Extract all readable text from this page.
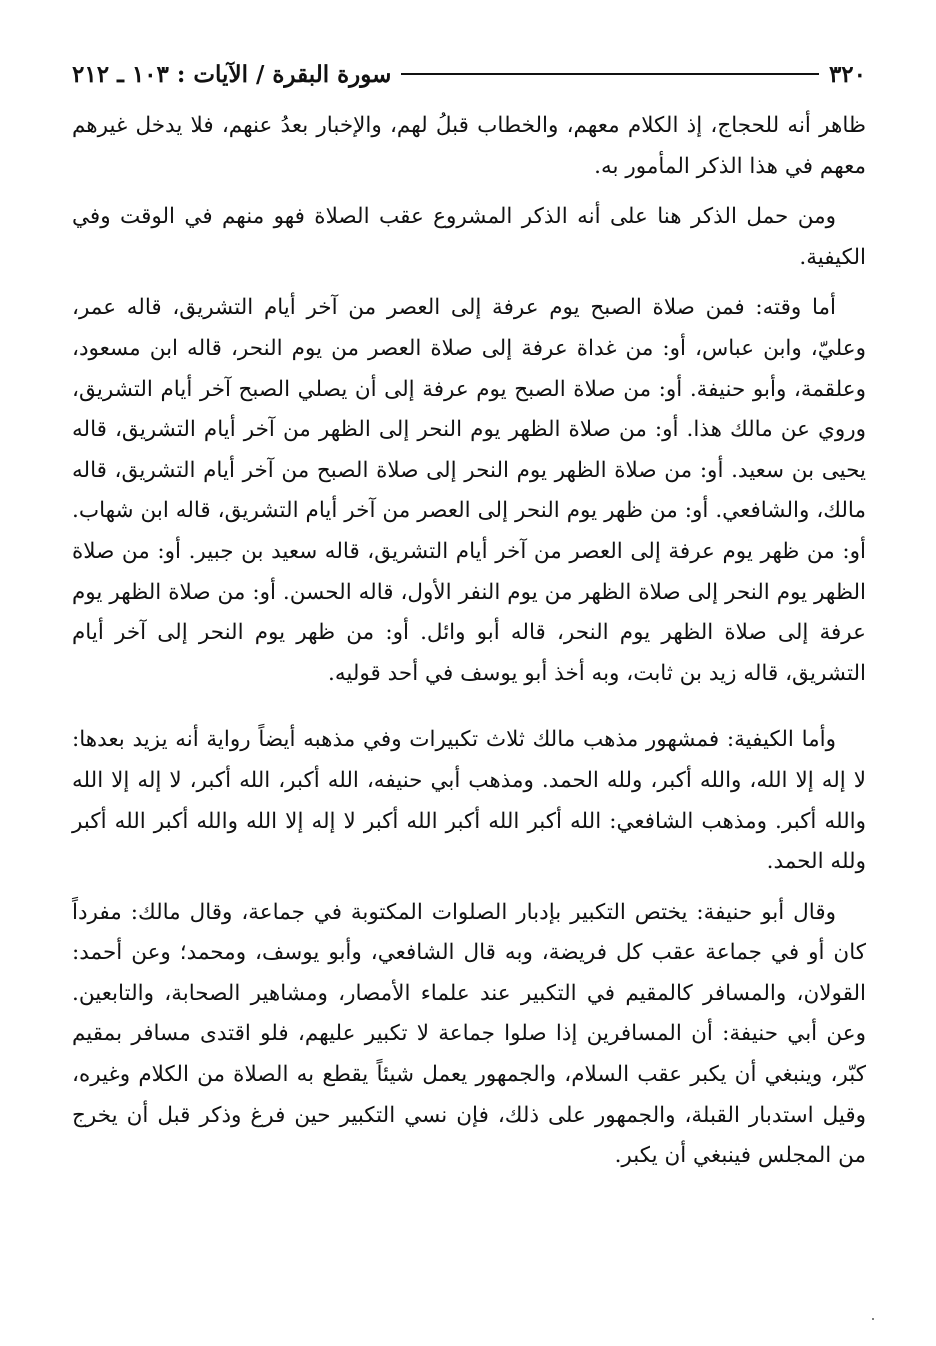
٣٢٠
سورة البقرة / الآيات : ١٠٣ ـ ٢١٢

ظاهر أنه للحجاج، إذ الكلام معهم، والخطاب قبلُ لهم، والإخبار بعدُ عنهم، فلا يدخل غيرهم معهم في هذا الذكر المأمور به.

ومن حمل الذكر هنا على أنه الذكر المشروع عقب الصلاة فهو منهم في الوقت وفي الكيفية.

أما وقته: فمن صلاة الصبح يوم عرفة إلى العصر من آخر أيام التشريق، قاله عمر، وعليّ، وابن عباس، أو: من غداة عرفة إلى صلاة العصر من يوم النحر، قاله ابن مسعود، وعلقمة، وأبو حنيفة. أو: من صلاة الصبح يوم عرفة إلى أن يصلي الصبح آخر أيام التشريق، وروي عن مالك هذا. أو: من صلاة الظهر يوم النحر إلى الظهر من آخر أيام التشريق، قاله يحيى بن سعيد. أو: من صلاة الظهر يوم النحر إلى صلاة الصبح من آخر أيام التشريق، قاله مالك، والشافعي. أو: من ظهر يوم النحر إلى العصر من آخر أيام التشريق، قاله ابن شهاب. أو: من ظهر يوم عرفة إلى العصر من آخر أيام التشريق، قاله سعيد بن جبير. أو: من صلاة الظهر يوم النحر إلى صلاة الظهر من يوم النفر الأول، قاله الحسن. أو: من صلاة الظهر يوم عرفة إلى صلاة الظهر يوم النحر، قاله أبو وائل. أو: من ظهر يوم النحر إلى آخر أيام التشريق، قاله زيد بن ثابت، وبه أخذ أبو يوسف في أحد قوليه.

وأما الكيفية: فمشهور مذهب مالك ثلاث تكبيرات وفي مذهبه أيضاً رواية أنه يزيد بعدها: لا إله إلا الله، والله أكبر، ولله الحمد. ومذهب أبي حنيفه، الله أكبر، الله أكبر، لا إله إلا الله والله أكبر. ومذهب الشافعي: الله أكبر الله أكبر الله أكبر لا إله إلا الله والله أكبر الله أكبر ولله الحمد.

وقال أبو حنيفة: يختص التكبير بإدبار الصلوات المكتوبة في جماعة، وقال مالك: مفرداً كان أو في جماعة عقب كل فريضة، وبه قال الشافعي، وأبو يوسف، ومحمد؛ وعن أحمد: القولان، والمسافر كالمقيم في التكبير عند علماء الأمصار، ومشاهير الصحابة، والتابعين. وعن أبي حنيفة: أن المسافرين إذا صلوا جماعة لا تكبير عليهم، فلو اقتدى مسافر بمقيم كبّر، وينبغي أن يكبر عقب السلام، والجمهور يعمل شيئاً يقطع به الصلاة من الكلام وغيره، وقيل استدبار القبلة، والجمهور على ذلك، فإن نسي التكبير حين فرغ وذكر قبل أن يخرج من المجلس فينبغي أن يكبر.
